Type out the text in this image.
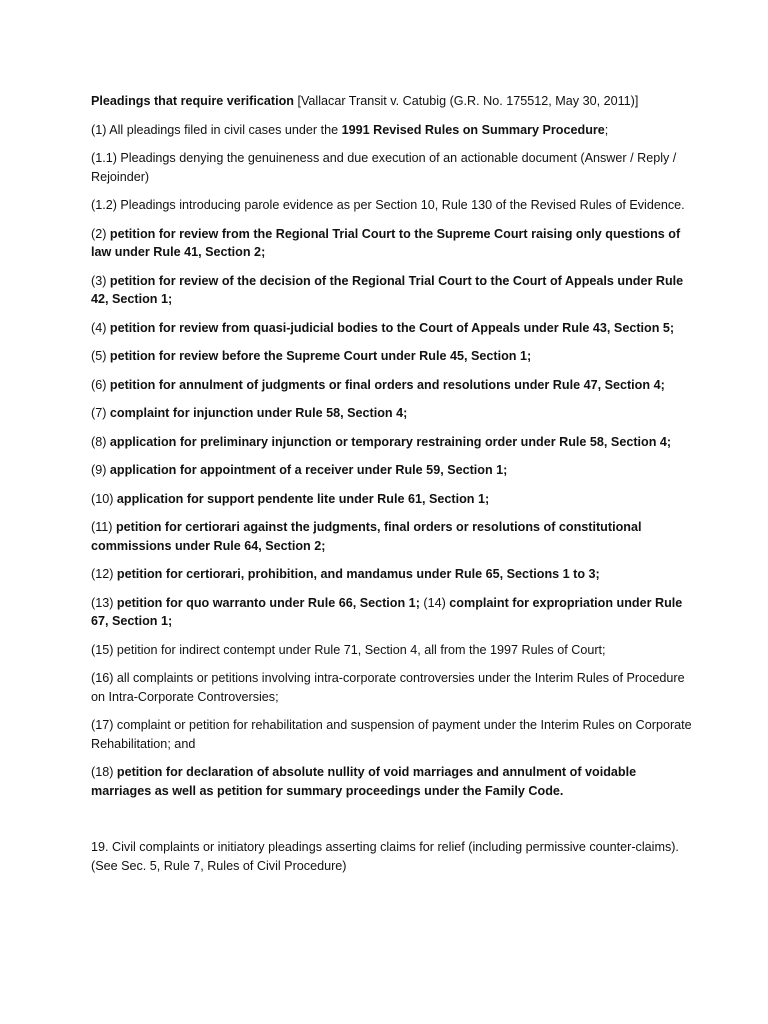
Pleadings that require verification [Vallacar Transit v. Catubig (G.R. No. 175512, May 30, 2011)]

(1) All pleadings filed in civil cases under the 1991 Revised Rules on Summary Procedure;

(1.1) Pleadings denying the genuineness and due execution of an actionable document (Answer / Reply / Rejoinder)

(1.2) Pleadings introducing parole evidence as per Section 10, Rule 130 of the Revised Rules of Evidence.

(2) petition for review from the Regional Trial Court to the Supreme Court raising only questions of law under Rule 41, Section 2;

(3) petition for review of the decision of the Regional Trial Court to the Court of Appeals under Rule 42, Section 1;

(4) petition for review from quasi-judicial bodies to the Court of Appeals under Rule 43, Section 5;

(5) petition for review before the Supreme Court under Rule 45, Section 1;

(6) petition for annulment of judgments or final orders and resolutions under Rule 47, Section 4;

(7) complaint for injunction under Rule 58, Section 4;

(8) application for preliminary injunction or temporary restraining order under Rule 58, Section 4;

(9) application for appointment of a receiver under Rule 59, Section 1;

(10) application for support pendente lite under Rule 61, Section 1;

(11) petition for certiorari against the judgments, final orders or resolutions of constitutional commissions under Rule 64, Section 2;

(12) petition for certiorari, prohibition, and mandamus under Rule 65, Sections 1 to 3;

(13) petition for quo warranto under Rule 66, Section 1; (14) complaint for expropriation under Rule 67, Section 1;

(15) petition for indirect contempt under Rule 71, Section 4, all from the 1997 Rules of Court;

(16) all complaints or petitions involving intra-corporate controversies under the Interim Rules of Procedure on Intra-Corporate Controversies;

(17) complaint or petition for rehabilitation and suspension of payment under the Interim Rules on Corporate Rehabilitation; and

(18) petition for declaration of absolute nullity of void marriages and annulment of voidable marriages as well as petition for summary proceedings under the Family Code.

19. Civil complaints or initiatory pleadings asserting claims for relief (including permissive counter-claims). (See Sec. 5, Rule 7, Rules of Civil Procedure)
